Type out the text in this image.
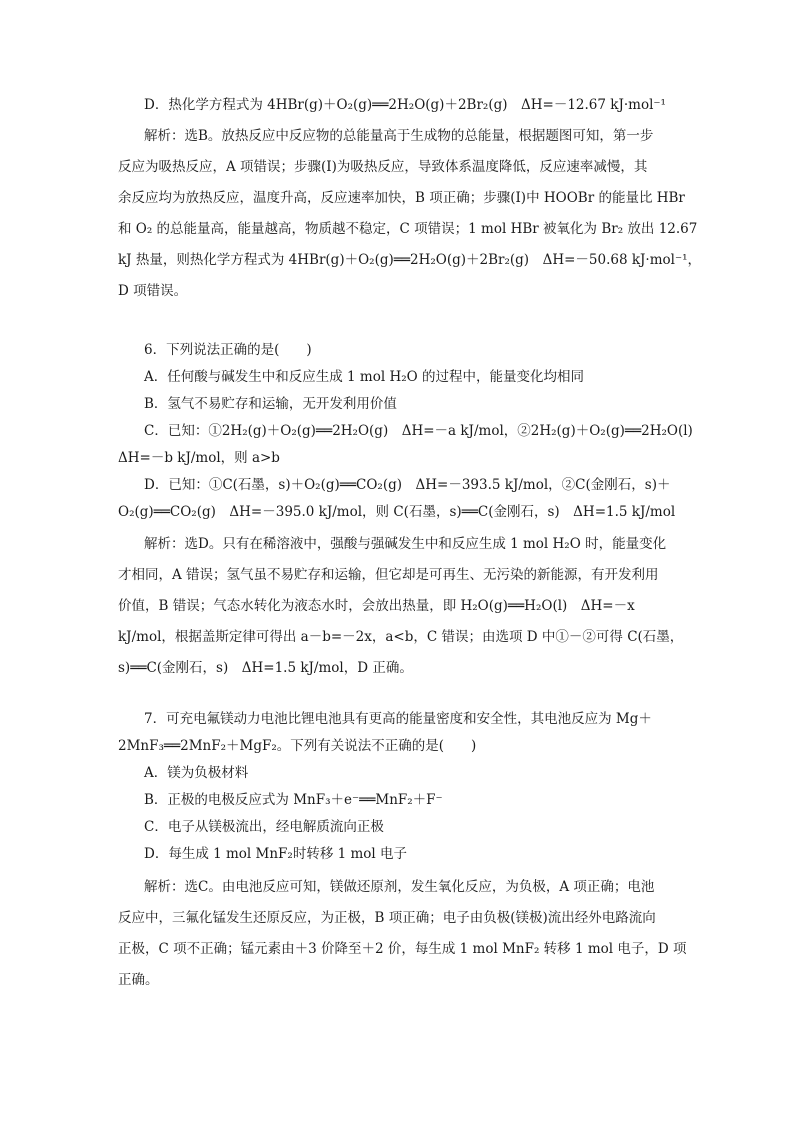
D．热化学方程式为 4HBr(g)＋O₂(g)══2H₂O(g)＋2Br₂(g)　ΔH=－12.67 kJ·mol⁻¹
解析：选B。放热反应中反应物的总能量高于生成物的总能量，根据题图可知，第一步
反应为吸热反应，A 项错误；步骤(Ⅰ)为吸热反应，导致体系温度降低，反应速率减慢，其
余反应均为放热反应，温度升高，反应速率加快，B 项正确；步骤(Ⅰ)中 HOOBr 的能量比 HBr
和 O₂ 的总能量高，能量越高，物质越不稳定，C 项错误；1 mol HBr 被氧化为 Br₂ 放出 12.67
kJ 热量，则热化学方程式为 4HBr(g)＋O₂(g)══2H₂O(g)＋2Br₂(g)　ΔH=－50.68 kJ·mol⁻¹，
D 项错误。
6．下列说法正确的是(　　)
A．任何酸与碱发生中和反应生成 1 mol H₂O 的过程中，能量变化均相同
B．氢气不易贮存和运输，无开发利用价值
C．已知：①2H₂(g)＋O₂(g)══2H₂O(g)　ΔH=－a kJ/mol，②2H₂(g)＋O₂(g)══2H₂O(l)
ΔH=－b kJ/mol，则 a>b
D．已知：①C(石墨，s)＋O₂(g)══CO₂(g)　ΔH=－393.5 kJ/mol，②C(金刚石，s)＋
O₂(g)══CO₂(g)　ΔH=－395.0 kJ/mol，则 C(石墨，s)══C(金刚石，s)　ΔH=1.5 kJ/mol
解析：选D。只有在稀溶液中，强酸与强碱发生中和反应生成 1 mol H₂O 时，能量变化
才相同，A 错误；氢气虽不易贮存和运输，但它却是可再生、无污染的新能源，有开发利用
价值，B 错误；气态水转化为液态水时，会放出热量，即 H₂O(g)══H₂O(l)　ΔH=－x
kJ/mol，根据盖斯定律可得出 a－b=－2x，a<b，C 错误；由选项 D 中①－②可得 C(石墨，
s)══C(金刚石，s)　ΔH=1.5 kJ/mol，D 正确。
7．可充电氟镁动力电池比锂电池具有更高的能量密度和安全性，其电池反应为 Mg＋
2MnF₃══2MnF₂＋MgF₂。下列有关说法不正确的是(　　)
A．镁为负极材料
B．正极的电极反应式为 MnF₃＋e⁻══MnF₂＋F⁻
C．电子从镁极流出，经电解质流向正极
D．每生成 1 mol MnF₂时转移 1 mol 电子
解析：选C。由电池反应可知，镁做还原剂，发生氧化反应，为负极，A 项正确；电池
反应中，三氟化锰发生还原反应，为正极，B 项正确；电子由负极(镁极)流出经外电路流向
正极，C 项不正确；锰元素由＋3 价降至＋2 价，每生成 1 mol MnF₂ 转移 1 mol 电子，D 项
正确。
